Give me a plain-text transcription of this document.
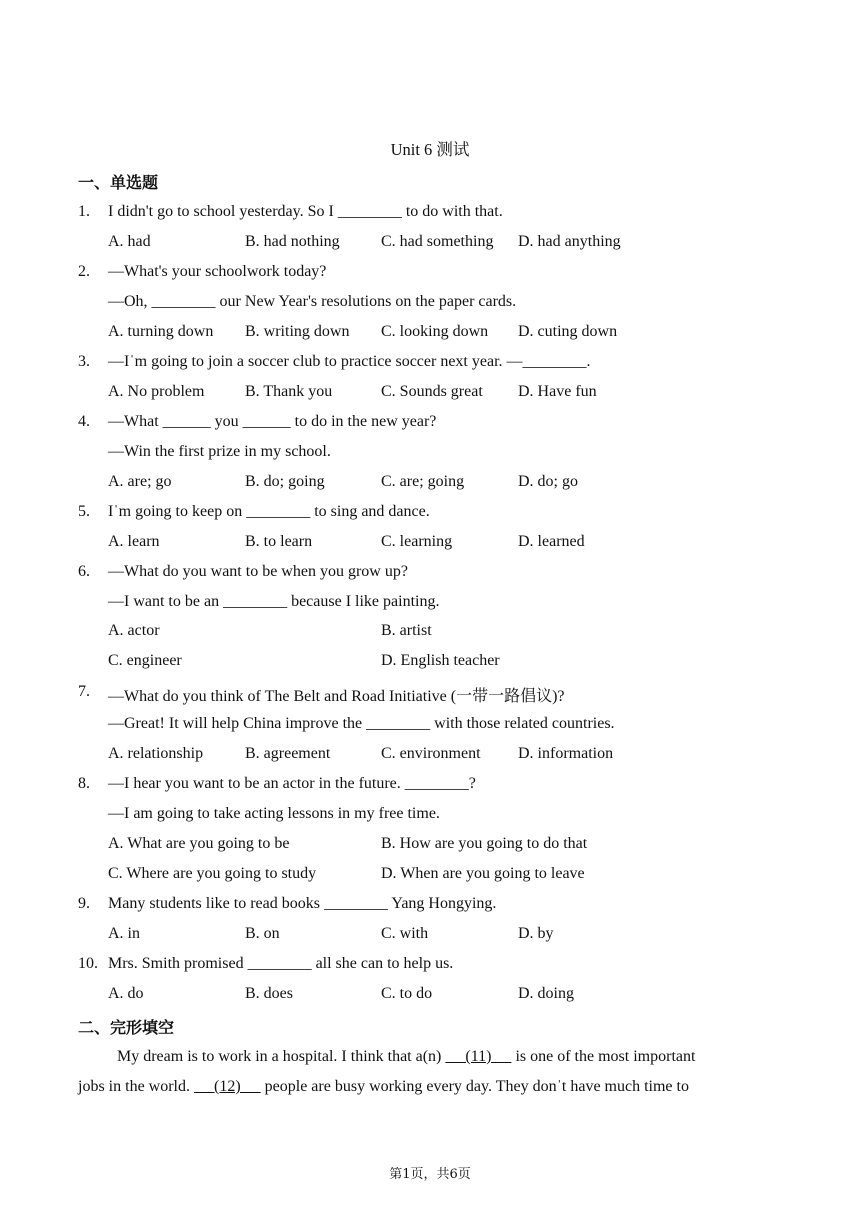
Unit 6 测试
一、单选题
1. I didn't go to school yesterday. So I ________ to do with that.
A. had	B. had nothing	C. had something D. had anything
2. —What's your schoolwork today?
—Oh, ________ our New Year's resolutions on the paper cards.
A. turning down B. writing down C. looking down D. cuting down
3. —Iˈm going to join a soccer club to practice soccer next year. —________.
A. No problem	B. Thank you	C. Sounds great D. Have fun
4. —What ______ you ______ to do in the new year?
—Win the first prize in my school.
A. are; go	B. do; going	C. are; going	D. do; go
5. Iˈm going to keep on ________ to sing and dance.
A. learn	B. to learn	C. learning	D. learned
6. —What do you want to be when you grow up?
—I want to be an ________ because I like painting.
A. actor	B. artist
C. engineer	D. English teacher
7. —What do you think of The Belt and Road Initiative (一带一路倡议)?
—Great! It will help China improve the ________ with those related countries.
A. relationship	B. agreement	C. environment D. information
8. —I hear you want to be an actor in the future. ________?
—I am going to take acting lessons in my free time.
A. What are you going to be	B. How are you going to do that
C. Where are you going to study	D. When are you going to leave
9. Many students like to read books ________ Yang Hongying.
A. in	B. on	C. with	D. by
10. Mrs. Smith promised ________ all she can to help us.
A. do	B. does	C. to do	D. doing
二、完形填空
My dream is to work in a hospital. I think that a(n)      (11)      is one of the most important
jobs in the world.      (12)      people are busy working every day. They donˈt have much time to
第1页，共6页
